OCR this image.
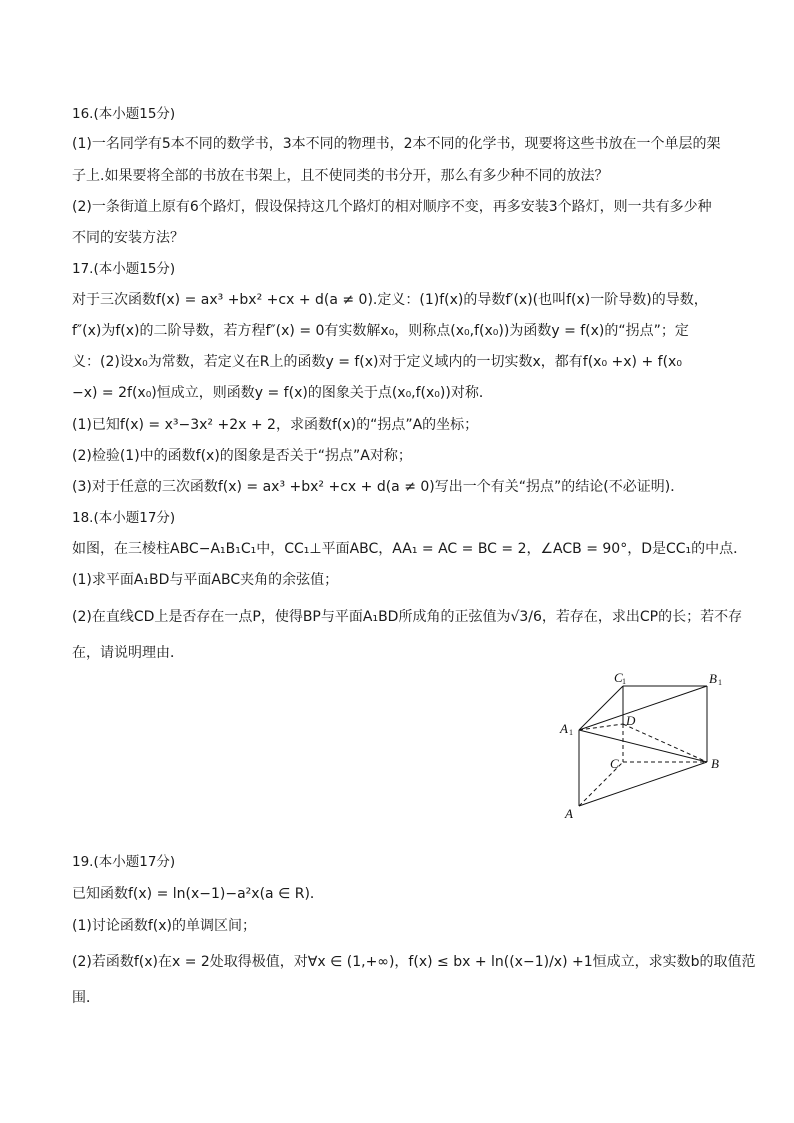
16.(本小题15分)
(1)一名同学有5本不同的数学书，3本不同的物理书，2本不同的化学书，现要将这些书放在一个单层的架
子上.如果要将全部的书放在书架上，且不使同类的书分开，那么有多少种不同的放法？
(2)一条街道上原有6个路灯，假设保持这几个路灯的相对顺序不变，再多安装3个路灯，则一共有多少种
不同的安装方法？
17.(本小题15分)
对于三次函数f(x) = ax³ +bx² +cx + d(a ≠ 0).定义：(1)f(x)的导数f′(x)(也叫f(x)一阶导数)的导数，
f″(x)为f(x)的二阶导数，若方程f″(x) = 0有实数解x₀，则称点(x₀,f(x₀))为函数y = f(x)的“拐点”；定
义：(2)设x₀为常数，若定义在R上的函数y = f(x)对于定义域内的一切实数x，都有f(x₀ +x) + f(x₀
−x) = 2f(x₀)恒成立，则函数y = f(x)的图象关于点(x₀,f(x₀))对称．
(1)已知f(x) = x³−3x² +2x + 2，求函数f(x)的“拐点”A的坐标；
(2)检验(1)中的函数f(x)的图象是否关于“拐点”A对称；
(3)对于任意的三次函数f(x) = ax³ +bx² +cx + d(a ≠ 0)写出一个有关“拐点”的结论(不必证明)．
18.(本小题17分)
如图，在三棱柱ABC−A₁B₁C₁中，CC₁⊥平面ABC，AA₁ = AC = BC = 2，∠ACB = 90°，D是CC₁的中点．
(1)求平面A₁BD与平面ABC夹角的余弦值；
(2)在直线CD上是否存在一点P，使得BP与平面A₁BD所成角的正弦值为√3/6，若存在，求出CP的长；若不存
在，请说明理由．
C 1	B 1
A 1
D
C	B
A
19.(本小题17分)
已知函数f(x) = ln(x−1)−a²x(a ∈ R)．
(1)讨论函数f(x)的单调区间；
(2)若函数f(x)在x = 2处取得极值，对∀x ∈ (1,+∞)，f(x) ≤ bx + ln((x−1)/x) +1恒成立，求实数b的取值范
围．
